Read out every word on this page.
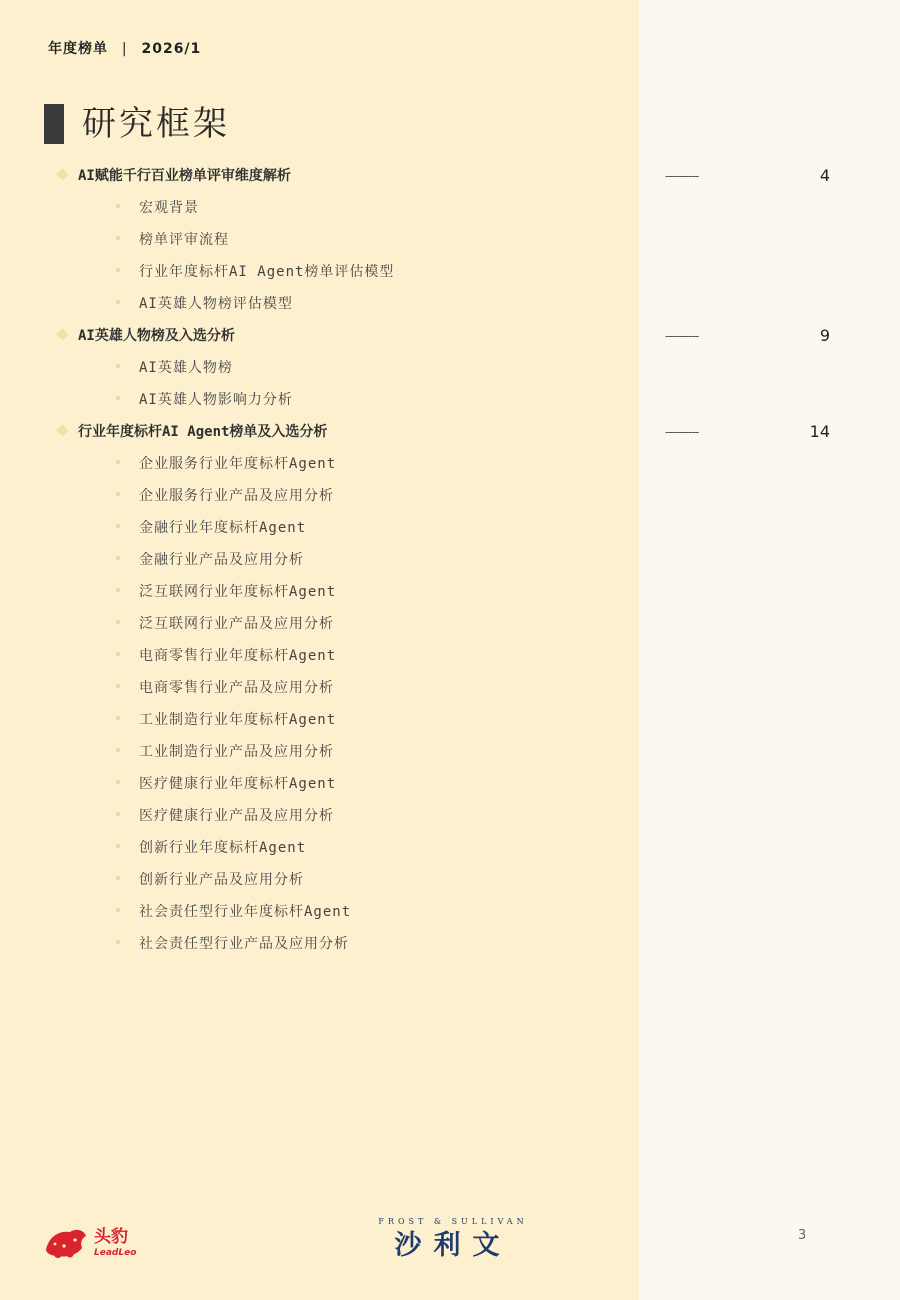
年度榜单 | 2026/1
研究框架
AI赋能千行百业榜单评审维度解析	----------	4
宏观背景
榜单评审流程
行业年度标杆AI Agent榜单评估模型
AI英雄人物榜评估模型
AI英雄人物榜及入选分析	----------	9
AI英雄人物榜
AI英雄人物影响力分析
行业年度标杆AI Agent榜单及入选分析	----------	14
企业服务行业年度标杆Agent
企业服务行业产品及应用分析
金融行业年度标杆Agent
金融行业产品及应用分析
泛互联网行业年度标杆Agent
泛互联网行业产品及应用分析
电商零售行业年度标杆Agent
电商零售行业产品及应用分析
工业制造行业年度标杆Agent
工业制造行业产品及应用分析
医疗健康行业年度标杆Agent
医疗健康行业产品及应用分析
创新行业年度标杆Agent
创新行业产品及应用分析
社会责任型行业年度标杆Agent
社会责任型行业产品及应用分析
头豹
LeadLeo
FROST & SULLIVAN
沙利文	3
